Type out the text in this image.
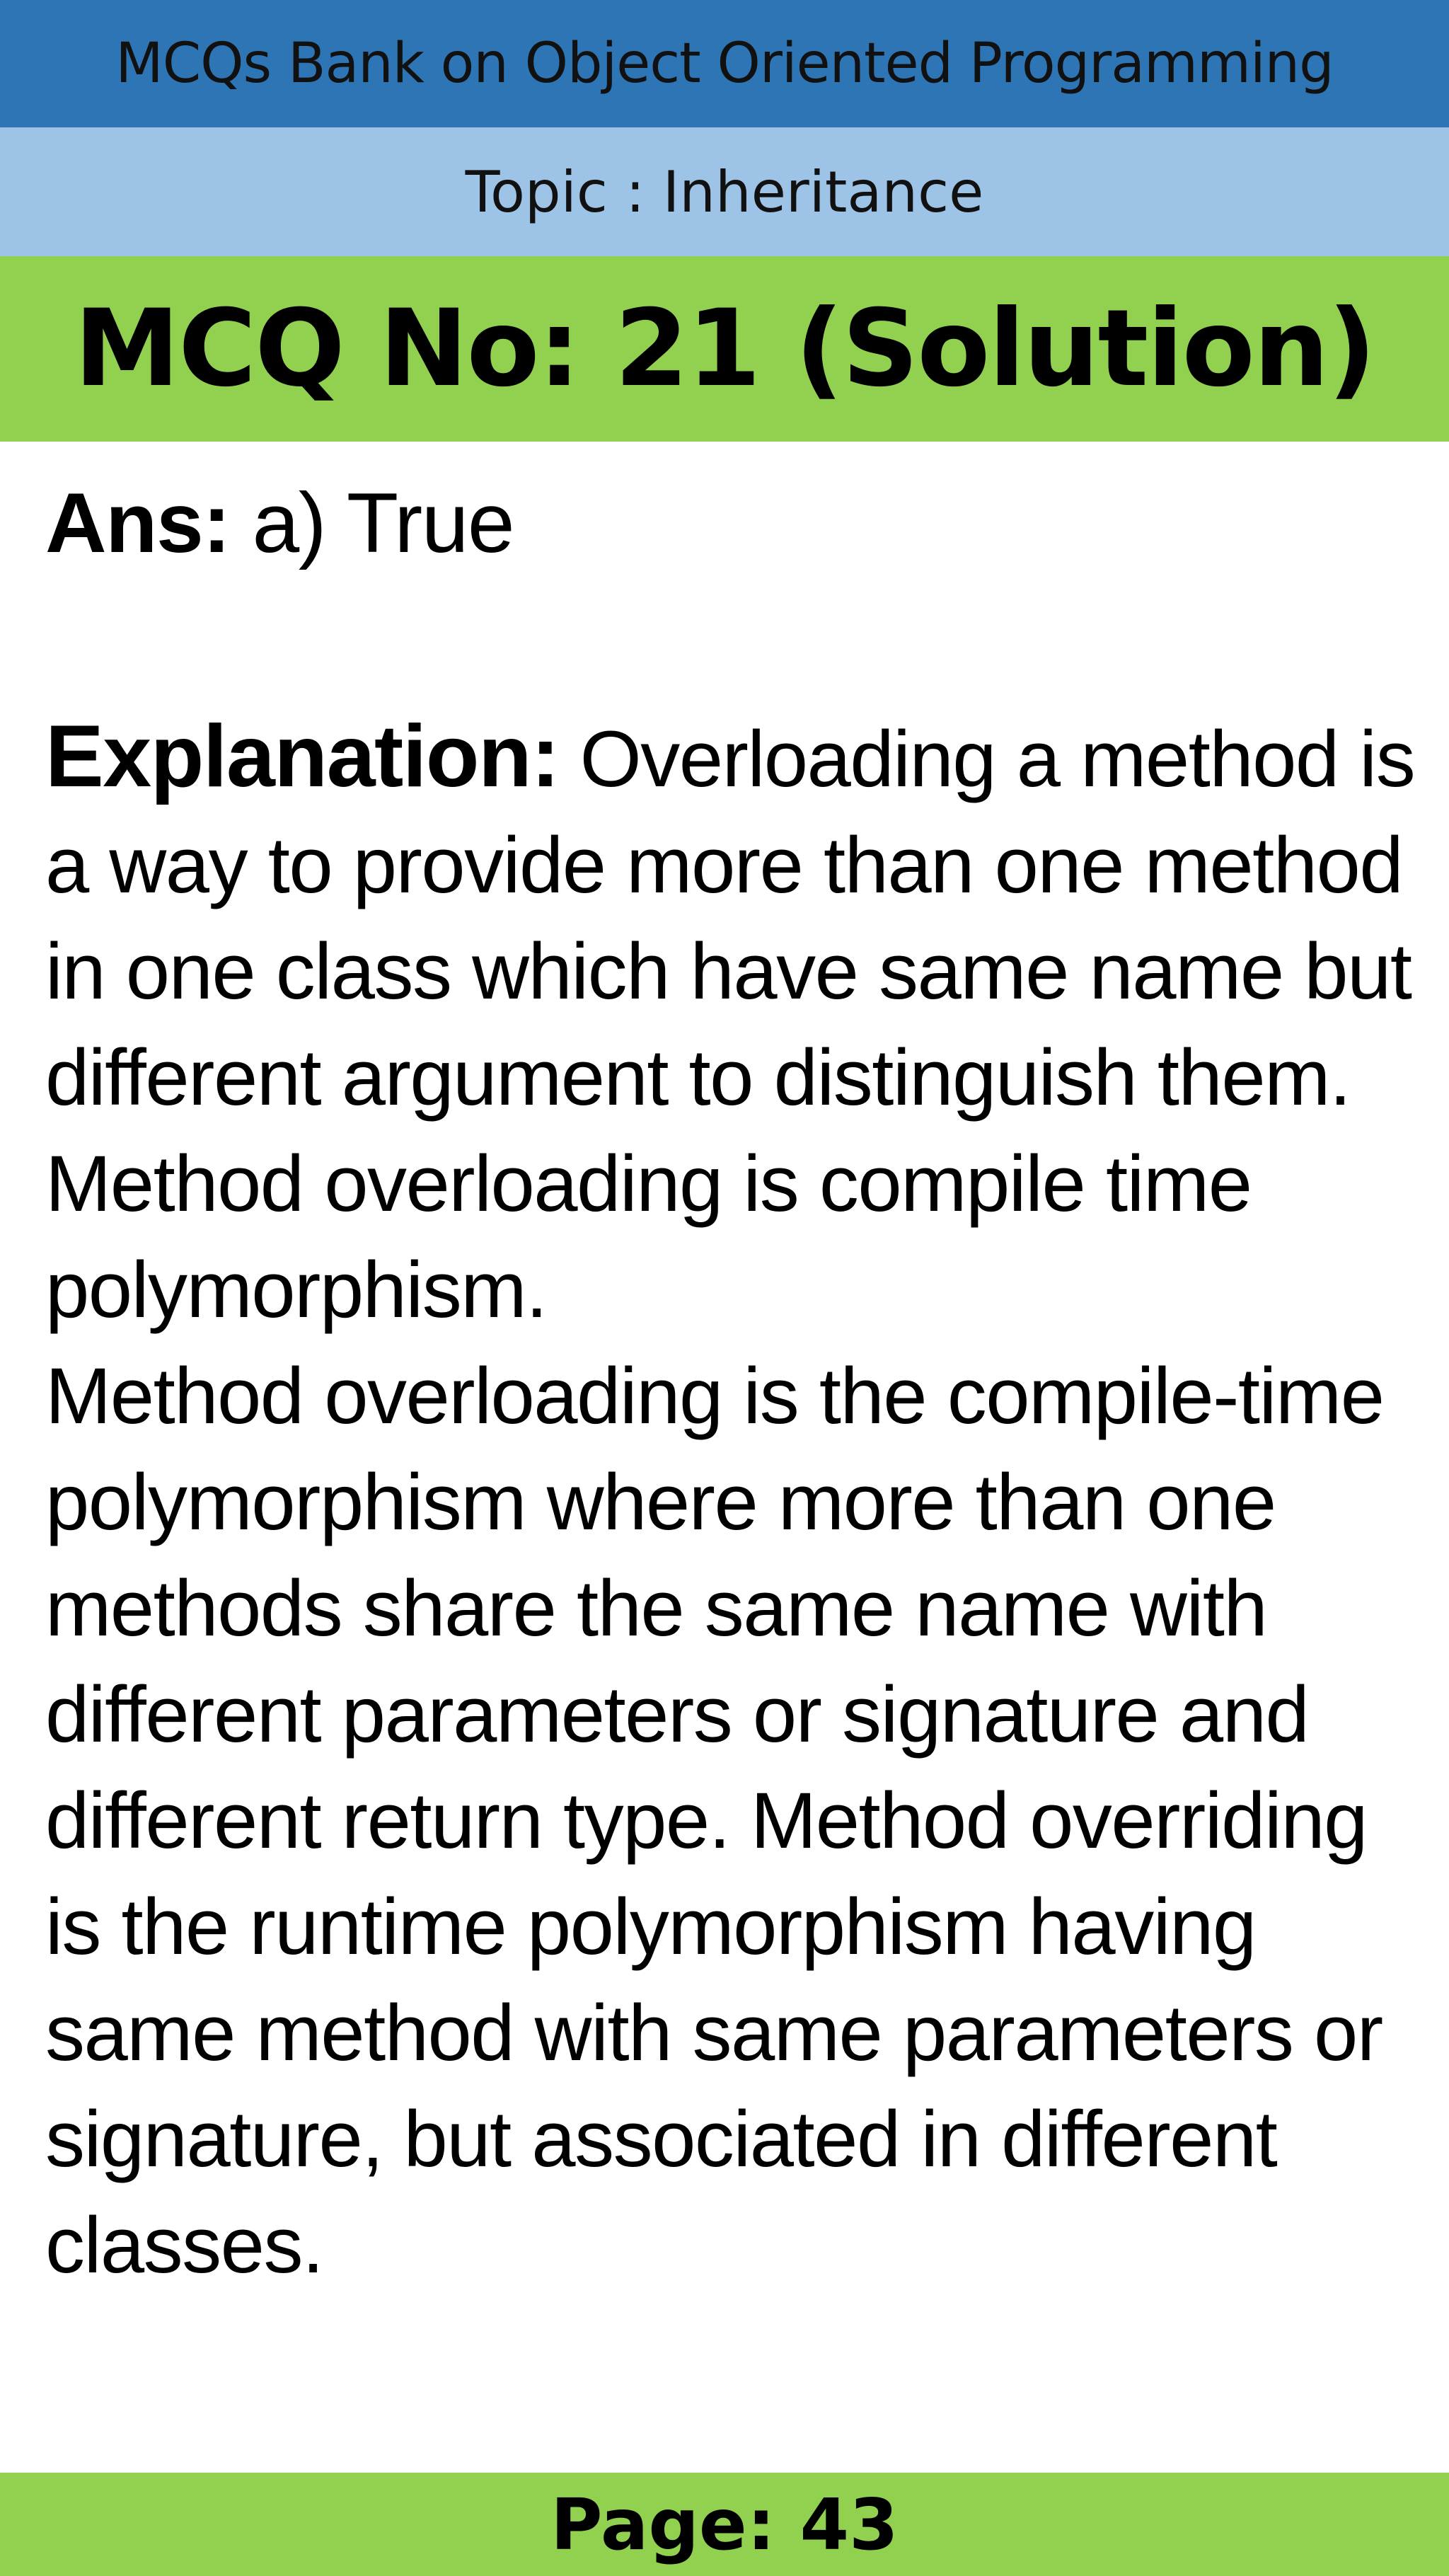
MCQs Bank on Object Oriented Programming
Topic : Inheritance
MCQ No: 21 (Solution)

Ans: a) True

Explanation: Overloading a method is a way to provide more than one method in one class which have same name but different argument to distinguish them. Method overloading is compile time polymorphism.

Method overloading is the compile-time polymorphism where more than one methods share the same name with different parameters or signature and different return type. Method overriding is the runtime polymorphism having same method with same parameters or signature, but associated in different classes.

Page: 43
